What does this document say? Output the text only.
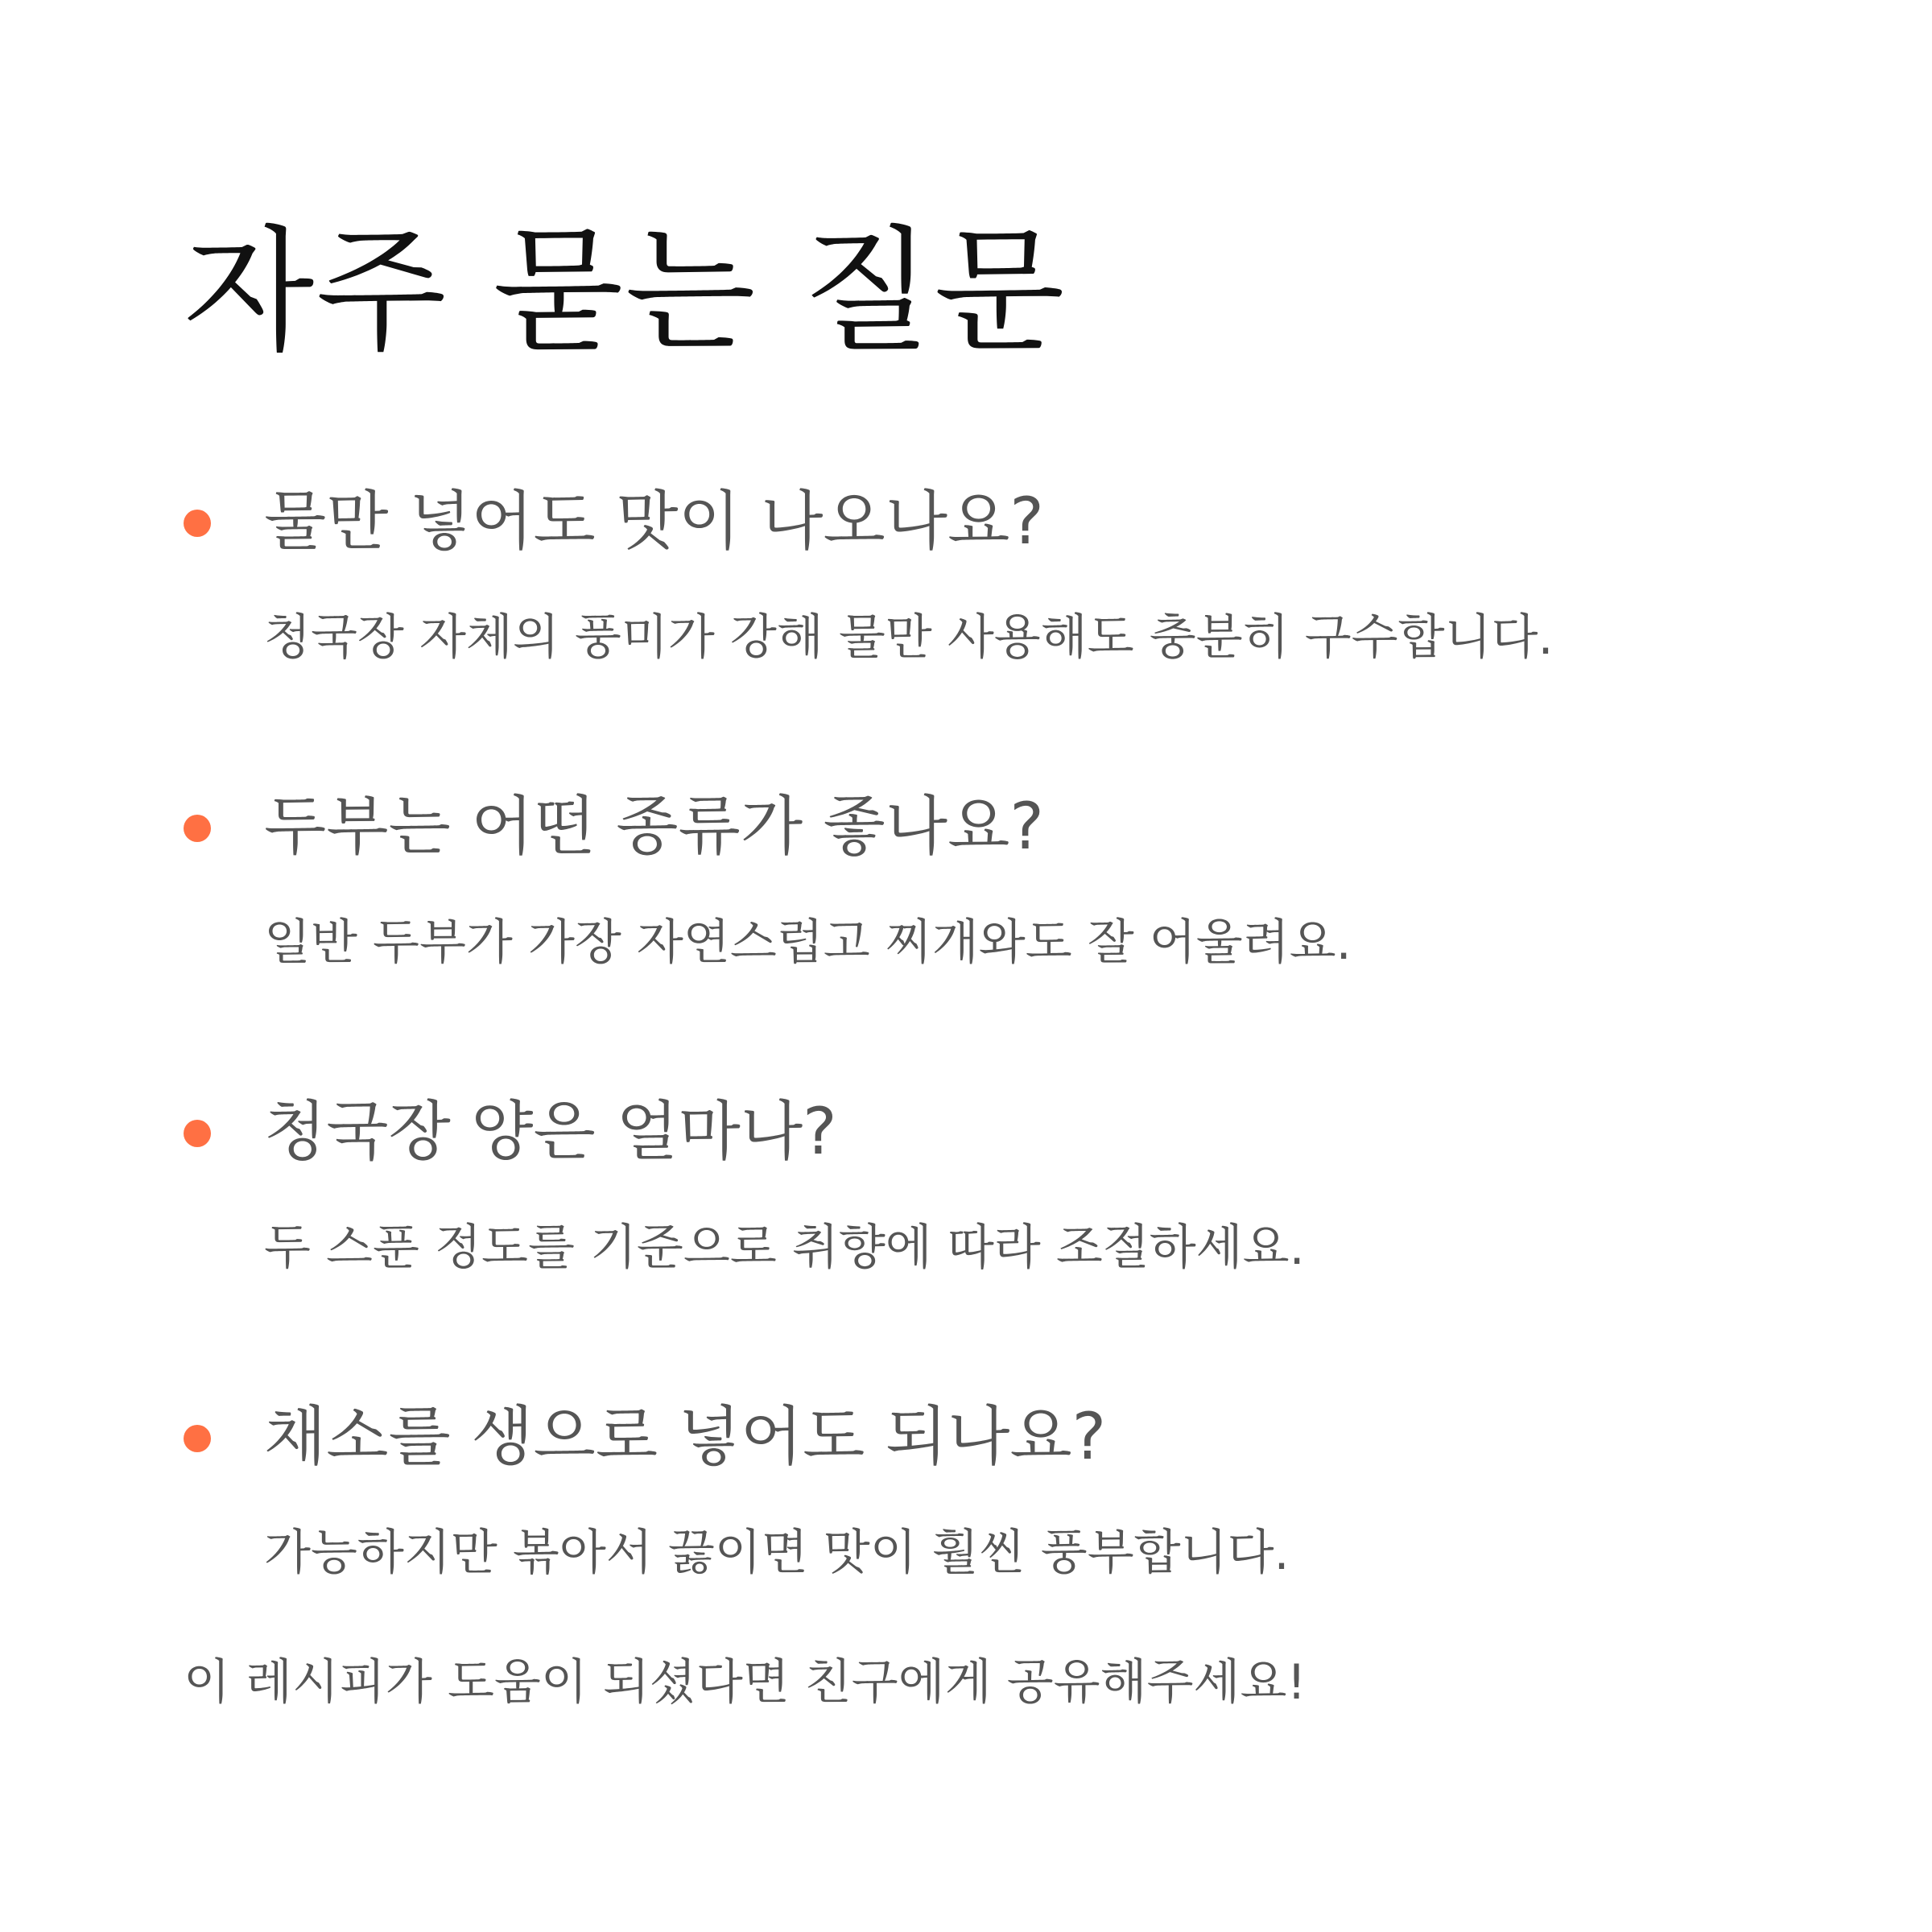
자주 묻는 질문
물만 넣어도 맛이 나오나요?

청국장 자체의 풍미가 강해 물만 사용해도 충분히 구수합니다.

두부는 어떤 종류가 좋나요?

일반 두부가 가장 자연스럽고 찌개와도 잘 어울려요.

청국장 양은 얼마나?

두 스푼 정도를 기준으로 취향에 따라 조절하세요.

채소를 생으로 넣어도 되나요?

가능하지만 볶아서 끓이면 맛이 훨씬 풍부합니다.

이 레시피가 도움이 되셨다면 친구에게 공유해주세요!
